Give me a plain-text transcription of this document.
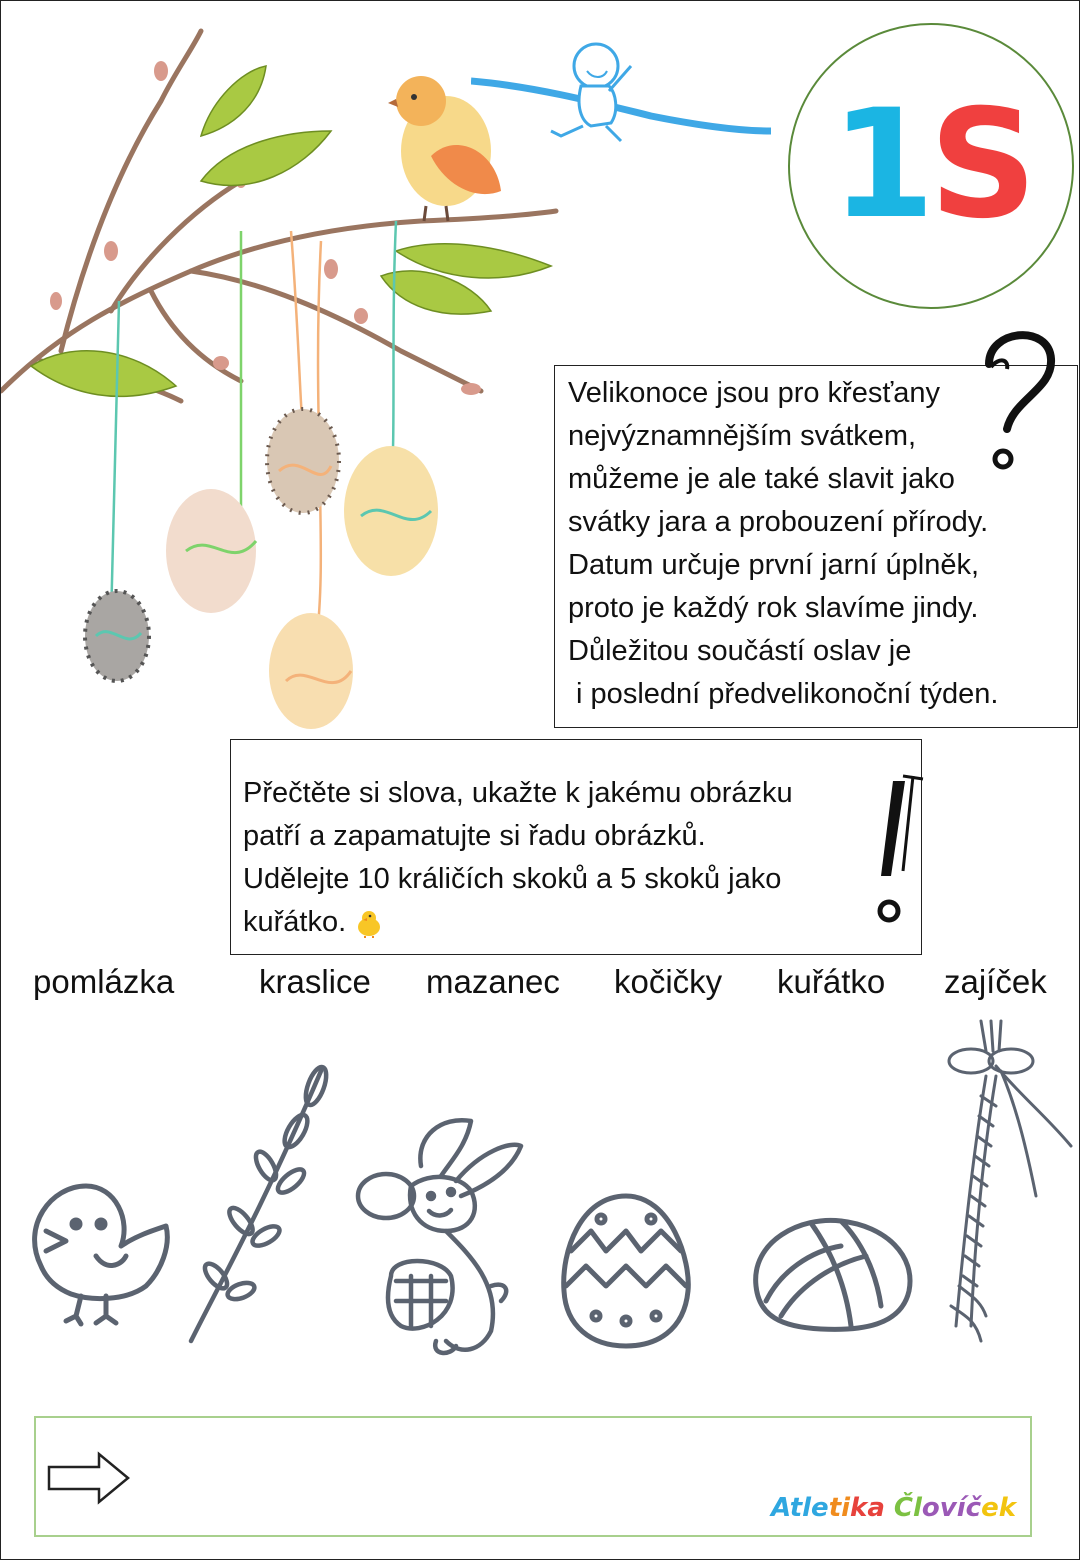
1S
Velikonoce jsou pro křesťany
nejvýznamnějším svátkem,
můžeme je ale také slavit jako
svátky jara a probouzení přírody.
Datum určuje první jarní úplněk,
proto je každý rok slavíme jindy.
Důležitou součástí oslav je
i poslední předvelikonoční týden.
Přečtěte si slova, ukažte k jakému obrázku
patří a zapamatujte si řadu obrázků.
Udělejte 10 králičích skoků a 5 skoků jako
kuřátko.
pomlázka	kraslice mazanec kočičky kuřátko zajíček
Atletika Človíček
